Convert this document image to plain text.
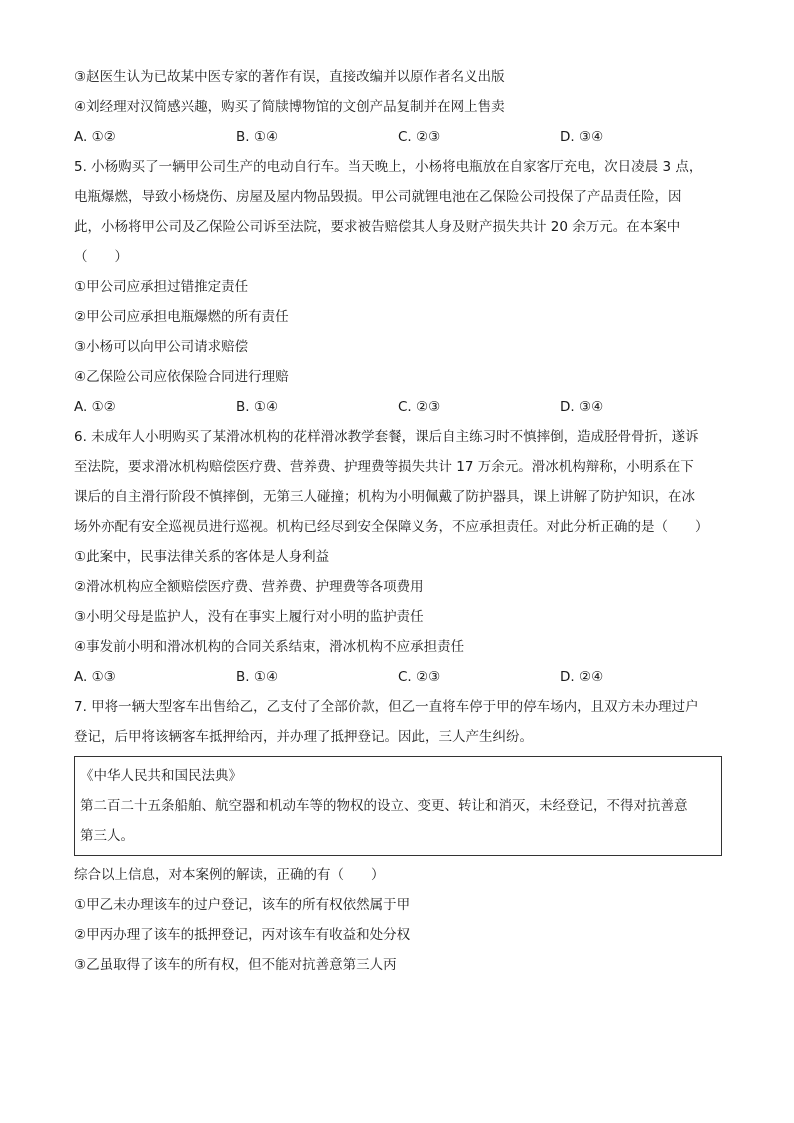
③赵医生认为已故某中医专家的著作有误，直接改编并以原作者名义出版
④刘经理对汉简感兴趣，购买了简牍博物馆的文创产品复制并在网上售卖
A. ①②	B. ①④	C. ②③	D. ③④
5. 小杨购买了一辆甲公司生产的电动自行车。当天晚上，小杨将电瓶放在自家客厅充电，次日凌晨 3 点，
电瓶爆燃，导致小杨烧伤、房屋及屋内物品毁损。甲公司就锂电池在乙保险公司投保了产品责任险，因
此，小杨将甲公司及乙保险公司诉至法院，要求被告赔偿其人身及财产损失共计 20 余万元。在本案中
（　　）
①甲公司应承担过错推定责任
②甲公司应承担电瓶爆燃的所有责任
③小杨可以向甲公司请求赔偿
④乙保险公司应依保险合同进行理赔
A. ①②	B. ①④	C. ②③	D. ③④
6. 未成年人小明购买了某滑冰机构的花样滑冰教学套餐，课后自主练习时不慎摔倒，造成胫骨骨折，遂诉
至法院，要求滑冰机构赔偿医疗费、营养费、护理费等损失共计 17 万余元。滑冰机构辩称，小明系在下
课后的自主滑行阶段不慎摔倒，无第三人碰撞；机构为小明佩戴了防护器具，课上讲解了防护知识，在冰
场外亦配有安全巡视员进行巡视。机构已经尽到安全保障义务，不应承担责任。对此分析正确的是（　　）
①此案中，民事法律关系的客体是人身利益
②滑冰机构应全额赔偿医疗费、营养费、护理费等各项费用
③小明父母是监护人，没有在事实上履行对小明的监护责任
④事发前小明和滑冰机构的合同关系结束，滑冰机构不应承担责任
A. ①③	B. ①④	C. ②③	D. ②④
7. 甲将一辆大型客车出售给乙，乙支付了全部价款，但乙一直将车停于甲的停车场内，且双方未办理过户
登记，后甲将该辆客车抵押给丙，并办理了抵押登记。因此，三人产生纠纷。
《中华人民共和国民法典》
第二百二十五条船舶、航空器和机动车等的物权的设立、变更、转让和消灭，未经登记，不得对抗善意
第三人。
综合以上信息，对本案例的解读，正确的有（　　）
①甲乙未办理该车的过户登记，该车的所有权依然属于甲
②甲丙办理了该车的抵押登记，丙对该车有收益和处分权
③乙虽取得了该车的所有权，但不能对抗善意第三人丙
